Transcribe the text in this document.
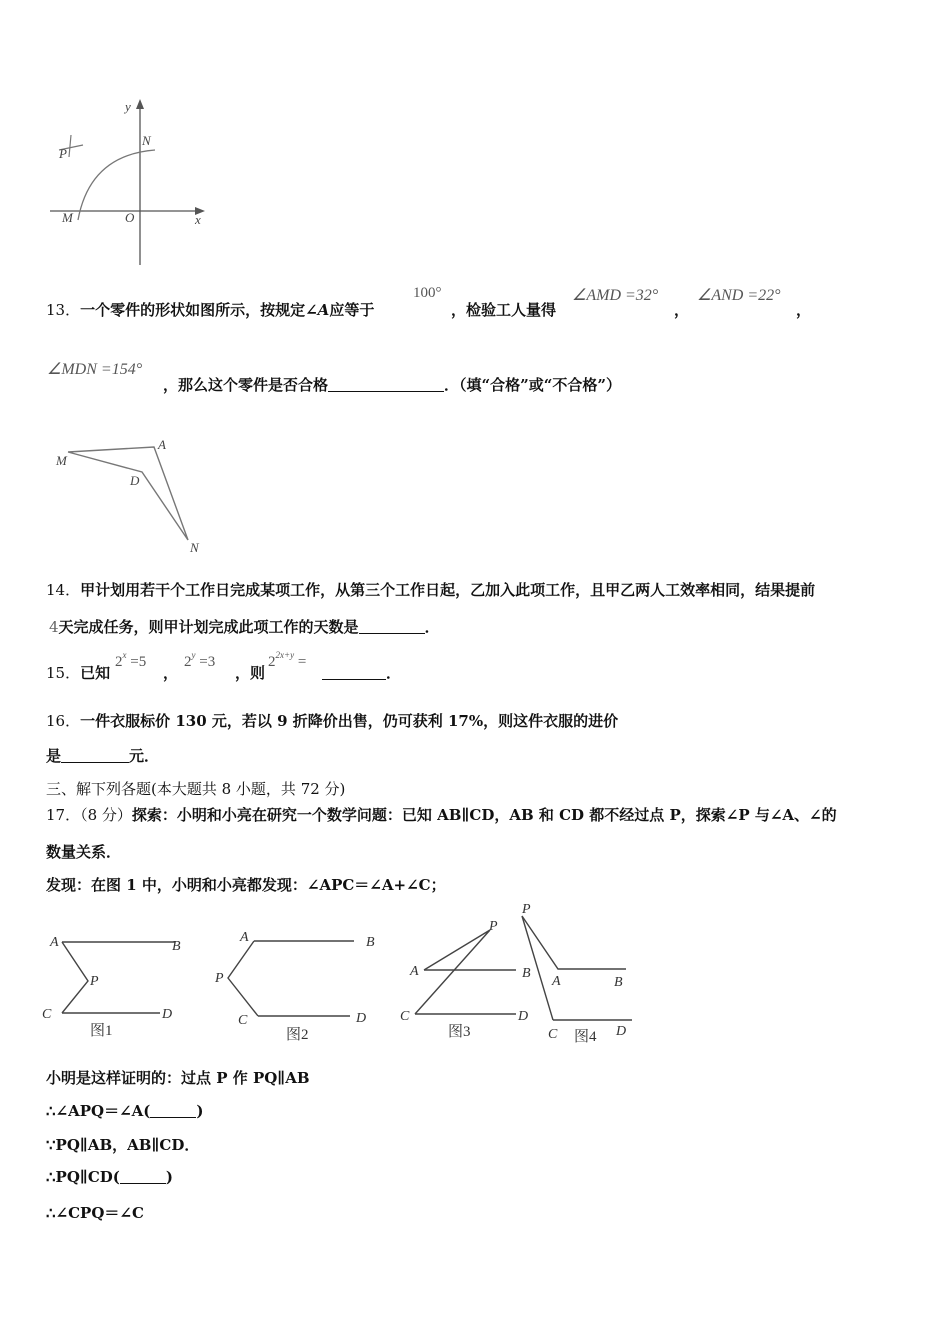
y
x
N
P
M	O
13．一个零件的形状如图所示，按规定∠A应等于
100°
，检验工人量得
∠AMD =32°
，
∠AND =22°
，
∠MDN =154°
，那么这个零件是否合格	．（填“合格”或“不合格”）
M
A
D
N
14．甲计划用若干个工作日完成某项工作，从第三个工作日起，乙加入此项工作，且甲乙两人工效率相同，结果提前
4天完成任务，则甲计划完成此项工作的天数是	．
15．已知
$2^x =5$
，
$2^y =3$
，则
$2^{2x+y}$ =
．
16．一件衣服标价 130 元，若以 9 折降价出售，仍可获利 17%，则这件衣服的进价
是	元．
三、解下列各题(本大题共 8 小题，共 72 分)
17．（8 分）探索：小明和小亮在研究一个数学问题：已知 AB∥CD，AB 和 CD 都不经过点 P，探索∠P 与∠A、∠的
数量关系．
发现：在图 1 中，小明和小亮都发现：∠APC＝∠A+∠C；
A	B
P
C	D
图1
A	B
P
C	D
图2
A	B
P
C	D
图3
P
A	B
C	D
图4
小明是这样证明的：过点 P 作 PQ∥AB
∴∠APQ＝∠A(	)
∵PQ∥AB，AB∥CD．
∴PQ∥CD(	)
∴∠CPQ＝∠C
